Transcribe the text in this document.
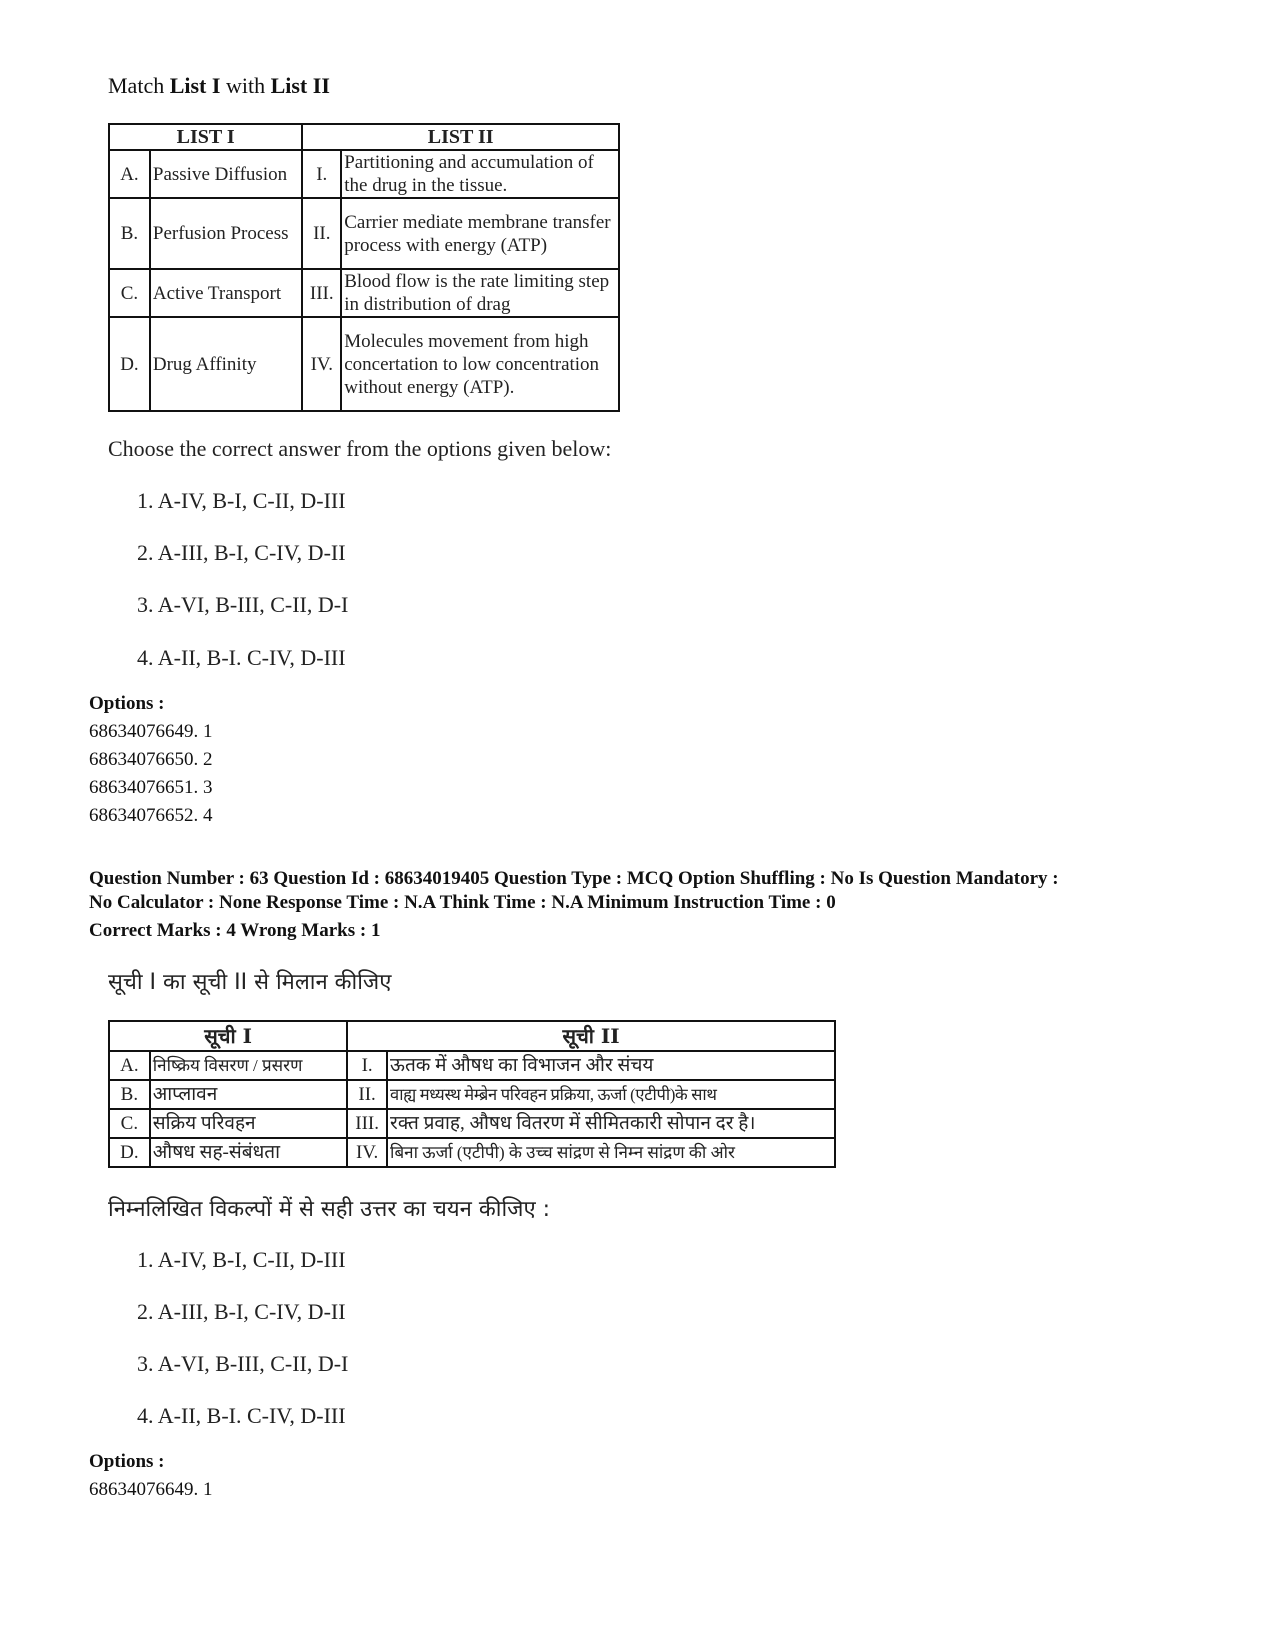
Match List I with List II
LIST I		LIST II	
A.	Passive Diffusion	I.	Partitioning and accumulation of the drug in the tissue.
B.	Perfusion Process	II.	Carrier mediate membrane transfer process with energy (ATP)
C.	Active Transport	III.	Blood flow is the rate limiting step in distribution of drag
D.	Drug Affinity	IV.	Molecules movement from high concertation to low concentration without energy (ATP).
Choose the correct answer from the options given below:
1. A-IV, B-I, C-II, D-III
2. A-III, B-I, C-IV, D-II
3. A-VI, B-III, C-II, D-I
4. A-II, B-I. C-IV, D-III
Options :
68634076649. 1
68634076650. 2
68634076651. 3
68634076652. 4
Question Number : 63 Question Id : 68634019405 Question Type : MCQ Option Shuffling : No Is Question Mandatory :
No Calculator : None Response Time : N.A Think Time : N.A Minimum Instruction Time : 0
Correct Marks : 4 Wrong Marks : 1
सूची I का सूची II से मिलान कीजिए
सूची I		सूची II	
A.	निष्क्रिय विसरण / प्रसरण	I.	ऊतक में औषध का विभाजन और संचय
B.	आप्लावन	II.	वाह्य मध्यस्थ मेम्ब्रेन परिवहन प्रक्रिया, ऊर्जा (एटीपी)के साथ
C.	सक्रिय परिवहन	III.	रक्त प्रवाह, औषध वितरण में सीमितकारी सोपान दर है।
D.	औषध सह-संबंधता	IV.	बिना ऊर्जा (एटीपी) के उच्च सांद्रण से निम्न सांद्रण की ओर
निम्नलिखित विकल्पों में से सही उत्तर का चयन कीजिए :
1. A-IV, B-I, C-II, D-III
2. A-III, B-I, C-IV, D-II
3. A-VI, B-III, C-II, D-I
4. A-II, B-I. C-IV, D-III
Options :
68634076649. 1
